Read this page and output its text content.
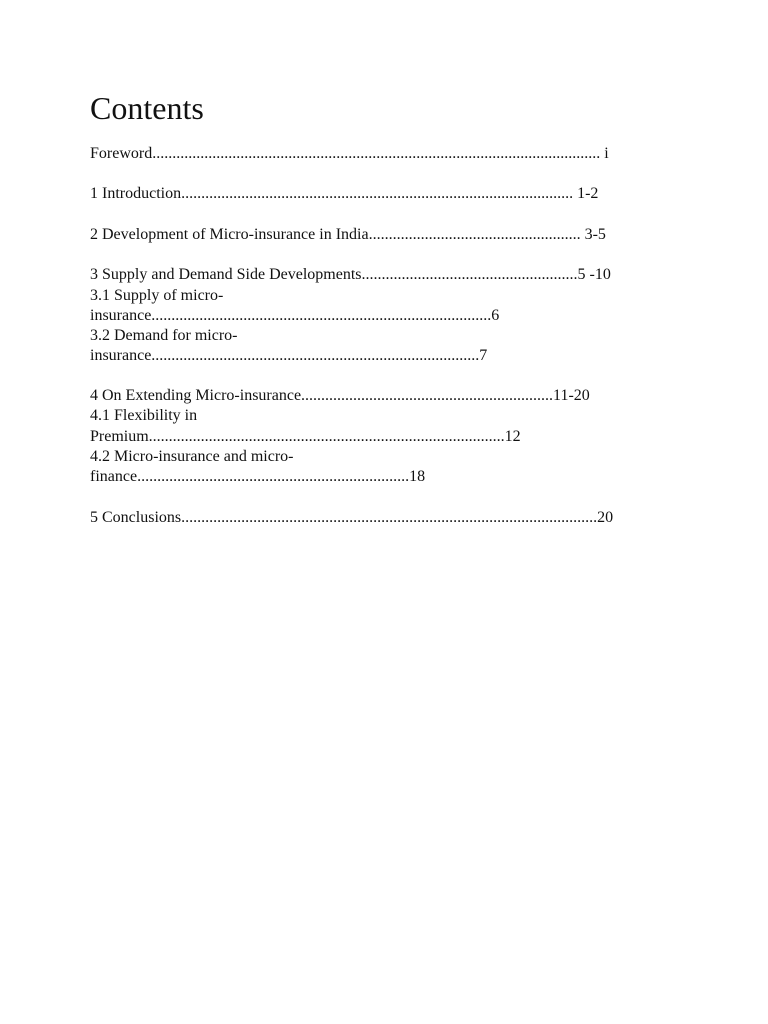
Contents
Foreword................................................................................................................ i
1 Introduction.................................................................................................. 1-2
2 Development of Micro-insurance in India..................................................... 3-5
3 Supply and Demand Side Developments......................................................5 -10
3.1 Supply of micro-
insurance.....................................................................................6
3.2 Demand for micro-
insurance..................................................................................7
4 On Extending Micro-insurance...............................................................11-20
4.1 Flexibility in
Premium.........................................................................................12
4.2 Micro-insurance and micro-
finance....................................................................18
5 Conclusions........................................................................................................20
